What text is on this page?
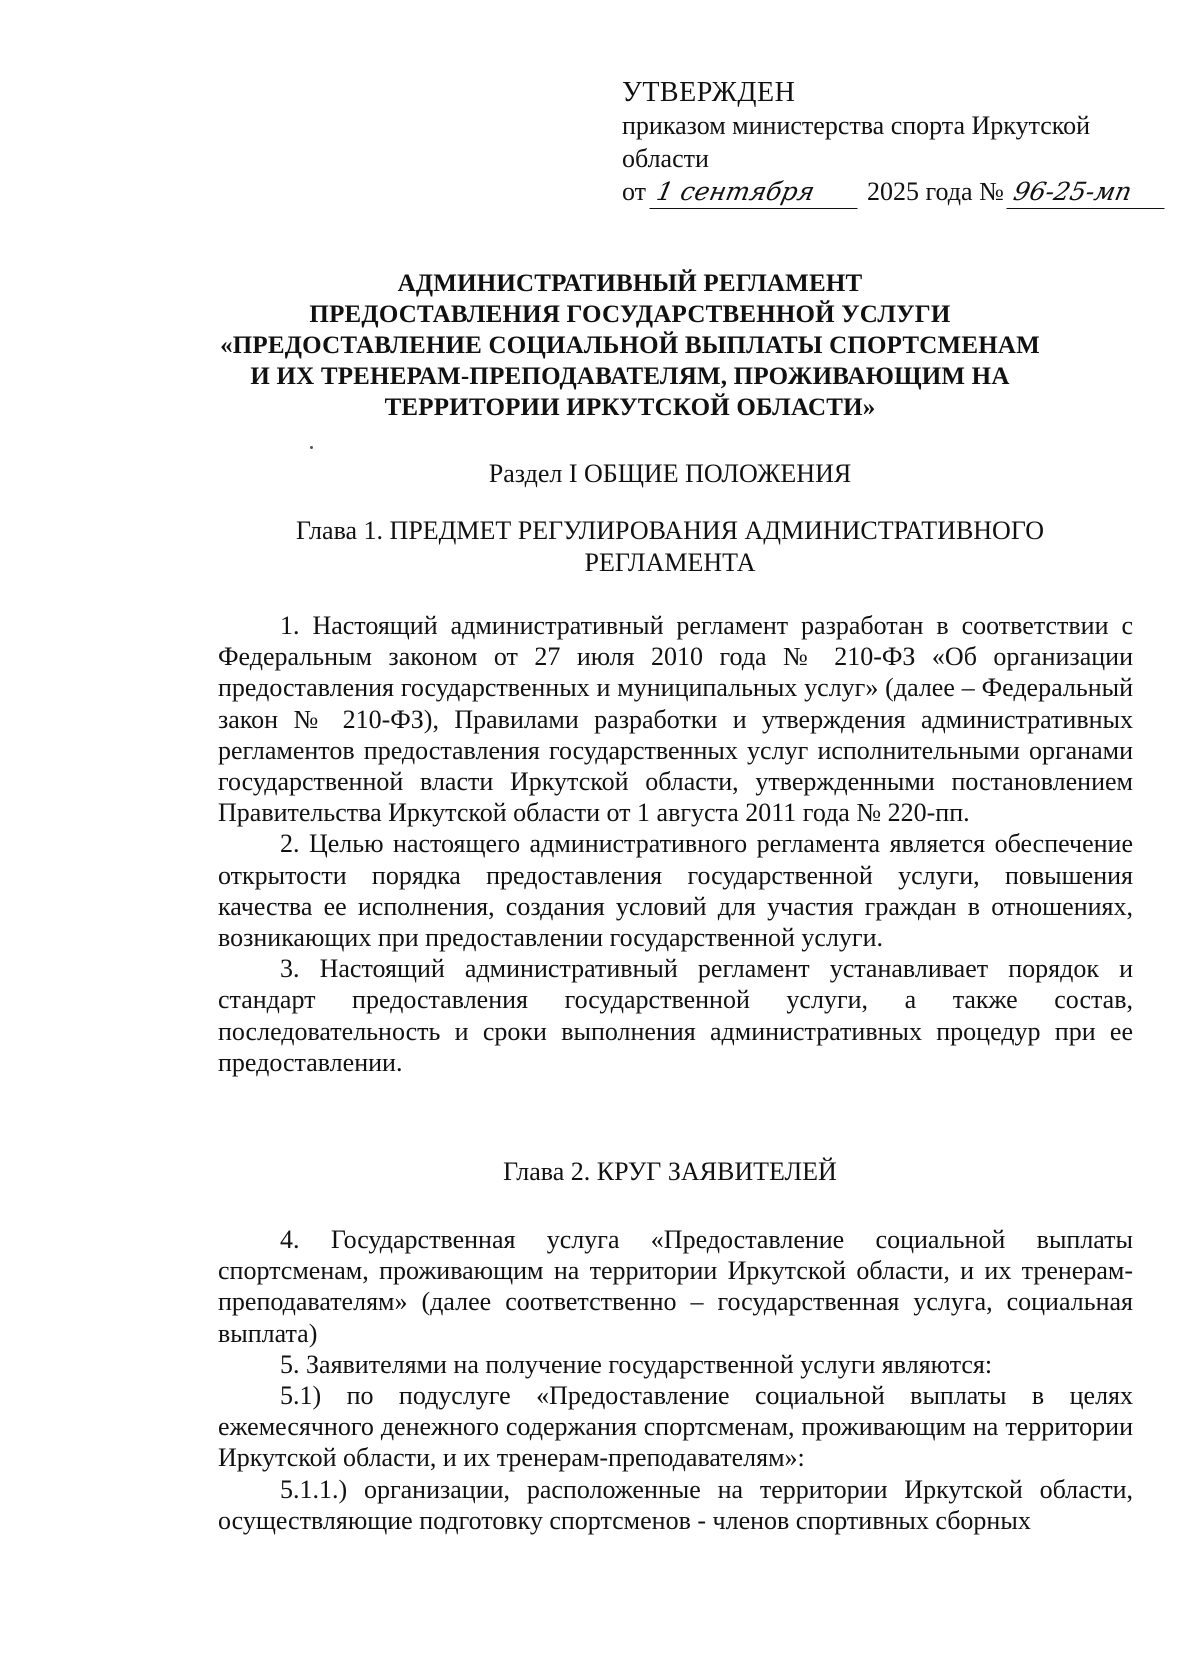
УТВЕРЖДЕН
приказом министерства спорта Иркутской
области
от 1 сентября 2025 года № 96-25-мп
АДМИНИСТРАТИВНЫЙ РЕГЛАМЕНТ
ПРЕДОСТАВЛЕНИЯ ГОСУДАРСТВЕННОЙ УСЛУГИ
«ПРЕДОСТАВЛЕНИЕ СОЦИАЛЬНОЙ ВЫПЛАТЫ СПОРТСМЕНАМ
И ИХ ТРЕНЕРАМ-ПРЕПОДАВАТЕЛЯМ, ПРОЖИВАЮЩИМ НА
ТЕРРИТОРИИ ИРКУТСКОЙ ОБЛАСТИ»
Раздел I ОБЩИЕ ПОЛОЖЕНИЯ
Глава 1. ПРЕДМЕТ РЕГУЛИРОВАНИЯ АДМИНИСТРАТИВНОГО
РЕГЛАМЕНТА

1. Настоящий административный регламент разработан в соответствии с Федеральным законом от 27 июля 2010 года № 210-ФЗ «Об организации предоставления государственных и муниципальных услуг» (далее – Федеральный закон № 210-ФЗ), Правилами разработки и утверждения административных регламентов предоставления государственных услуг исполнительными органами государственной власти Иркутской области, утвержденными постановлением Правительства Иркутской области от 1 августа 2011 года № 220-пп.

2. Целью настоящего административного регламента является обеспечение открытости порядка предоставления государственной услуги, повышения качества ее исполнения, создания условий для участия граждан в отношениях, возникающих при предоставлении государственной услуги.

3. Настоящий административный регламент устанавливает порядок и стандарт предоставления государственной услуги, а также состав, последовательность и сроки выполнения административных процедур при ее предоставлении.

Глава 2. КРУГ ЗАЯВИТЕЛЕЙ

4. Государственная услуга «Предоставление социальной выплаты спортсменам, проживающим на территории Иркутской области, и их тренерам-преподавателям» (далее соответственно – государственная услуга, социальная выплата)

5. Заявителями на получение государственной услуги являются:

5.1) по подуслуге «Предоставление социальной выплаты в целях ежемесячного денежного содержания спортсменам, проживающим на территории Иркутской области, и их тренерам-преподавателям»:

5.1.1.) организации, расположенные на территории Иркутской области, осуществляющие подготовку спортсменов - членов спортивных сборных
